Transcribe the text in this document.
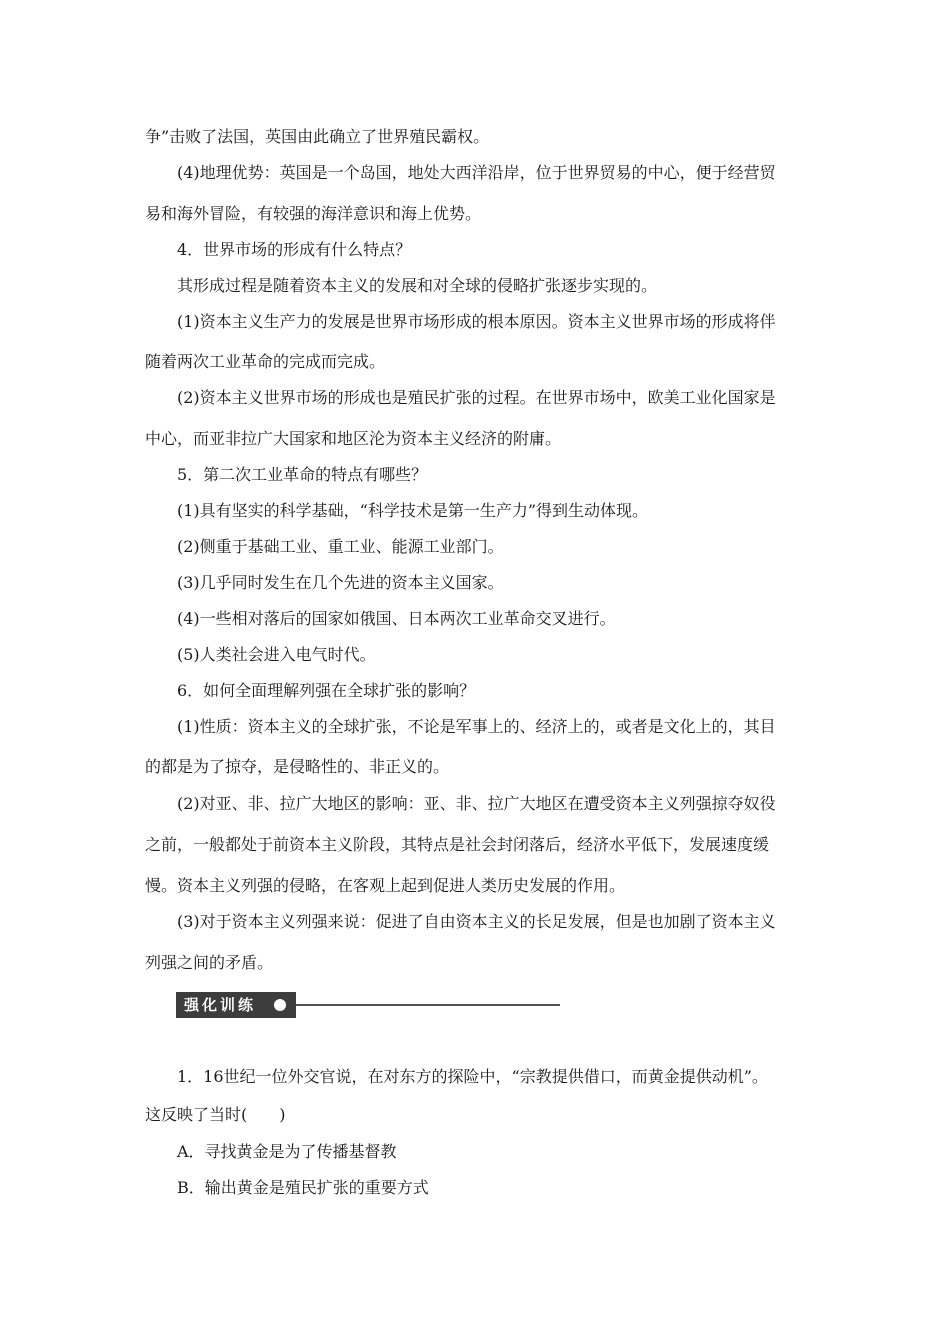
争”击败了法国，英国由此确立了世界殖民霸权。
(4)地理优势：英国是一个岛国，地处大西洋沿岸，位于世界贸易的中心，便于经营贸
易和海外冒险，有较强的海洋意识和海上优势。
4．世界市场的形成有什么特点？
其形成过程是随着资本主义的发展和对全球的侵略扩张逐步实现的。
(1)资本主义生产力的发展是世界市场形成的根本原因。资本主义世界市场的形成将伴
随着两次工业革命的完成而完成。
(2)资本主义世界市场的形成也是殖民扩张的过程。在世界市场中，欧美工业化国家是
中心，而亚非拉广大国家和地区沦为资本主义经济的附庸。
5．第二次工业革命的特点有哪些？
(1)具有坚实的科学基础，“科学技术是第一生产力”得到生动体现。
(2)侧重于基础工业、重工业、能源工业部门。
(3)几乎同时发生在几个先进的资本主义国家。
(4)一些相对落后的国家如俄国、日本两次工业革命交叉进行。
(5)人类社会进入电气时代。
6．如何全面理解列强在全球扩张的影响？
(1)性质：资本主义的全球扩张，不论是军事上的、经济上的，或者是文化上的，其目
的都是为了掠夺，是侵略性的、非正义的。
(2)对亚、非、拉广大地区的影响：亚、非、拉广大地区在遭受资本主义列强掠夺奴役
之前，一般都处于前资本主义阶段，其特点是社会封闭落后，经济水平低下，发展速度缓
慢。资本主义列强的侵略，在客观上起到促进人类历史发展的作用。
(3)对于资本主义列强来说：促进了自由资本主义的长足发展，但是也加剧了资本主义
列强之间的矛盾。
强化训练
1．16世纪一位外交官说，在对东方的探险中，“宗教提供借口，而黄金提供动机”。
这反映了当时(　　)
A．寻找黄金是为了传播基督教
B．输出黄金是殖民扩张的重要方式
